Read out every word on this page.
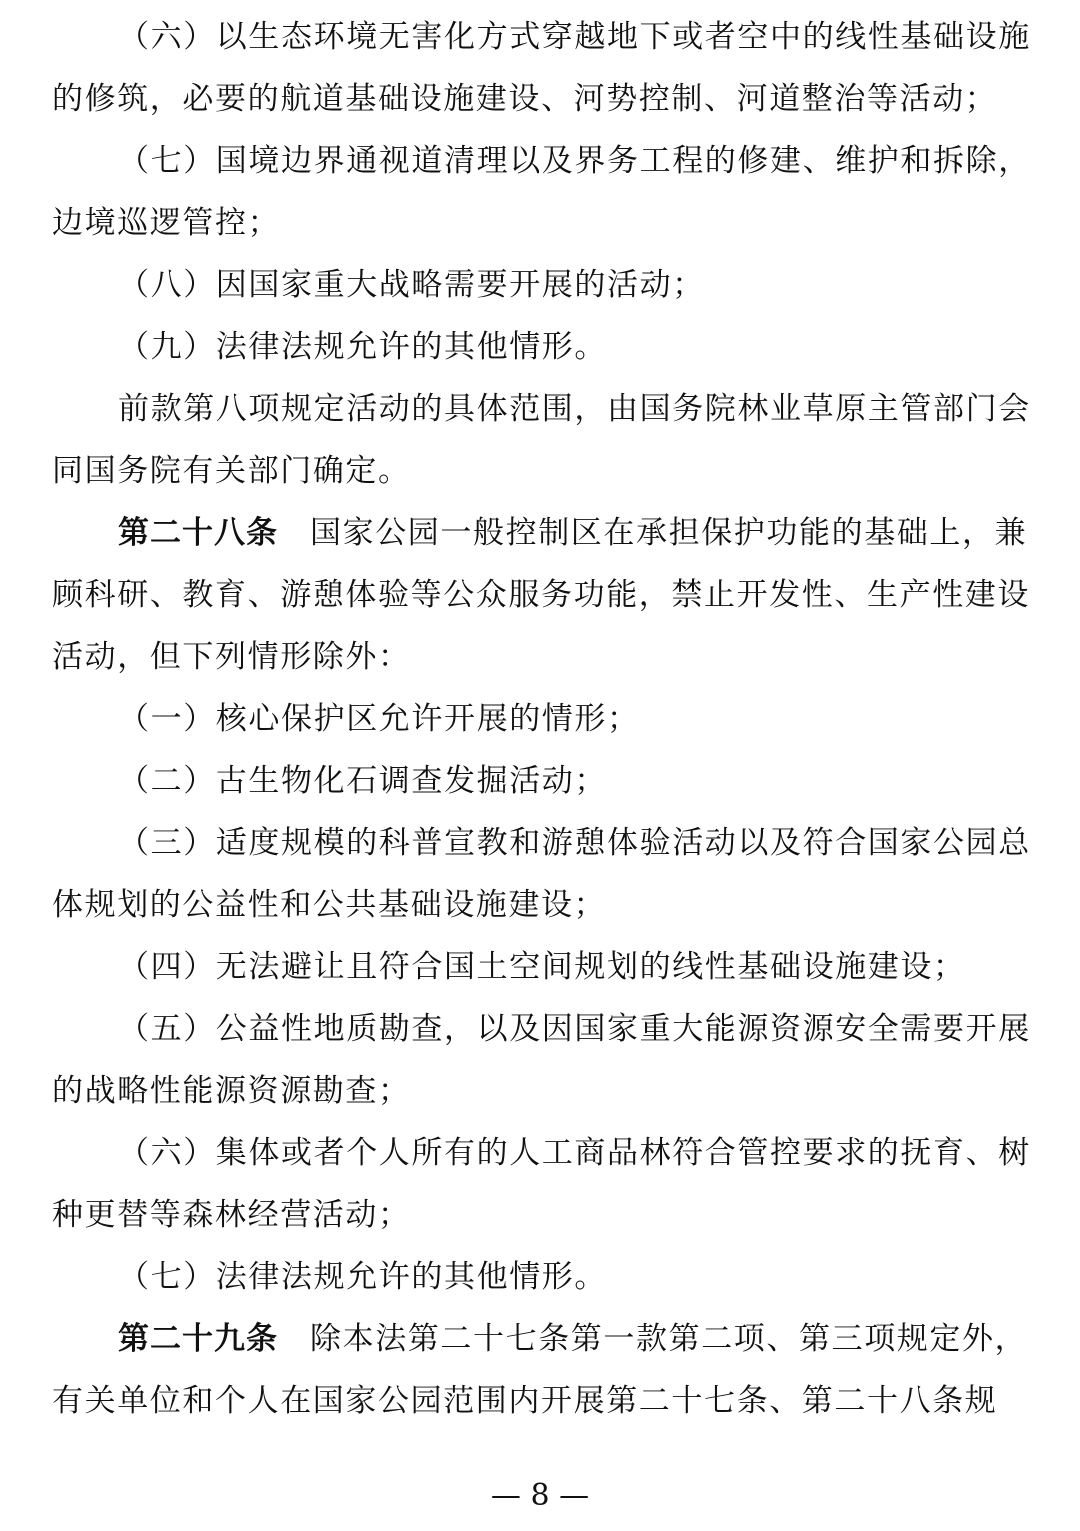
（六）以生态环境无害化方式穿越地下或者空中的线性基础设施的修筑，必要的航道基础设施建设、河势控制、河道整治等活动；

（七）国境边界通视道清理以及界务工程的修建、维护和拆除，边境巡逻管控；

（八）因国家重大战略需要开展的活动；

（九）法律法规允许的其他情形。

前款第八项规定活动的具体范围，由国务院林业草原主管部门会同国务院有关部门确定。

第二十八条 国家公园一般控制区在承担保护功能的基础上，兼顾科研、教育、游憩体验等公众服务功能，禁止开发性、生产性建设活动，但下列情形除外：

（一）核心保护区允许开展的情形；

（二）古生物化石调查发掘活动；

（三）适度规模的科普宣教和游憩体验活动以及符合国家公园总体规划的公益性和公共基础设施建设；

（四）无法避让且符合国土空间规划的线性基础设施建设；

（五）公益性地质勘查，以及因国家重大能源资源安全需要开展的战略性能源资源勘查；

（六）集体或者个人所有的人工商品林符合管控要求的抚育、树种更替等森林经营活动；

（七）法律法规允许的其他情形。

第二十九条 除本法第二十七条第一款第二项、第三项规定外，有关单位和个人在国家公园范围内开展第二十七条、第二十八条规

— 8 —
